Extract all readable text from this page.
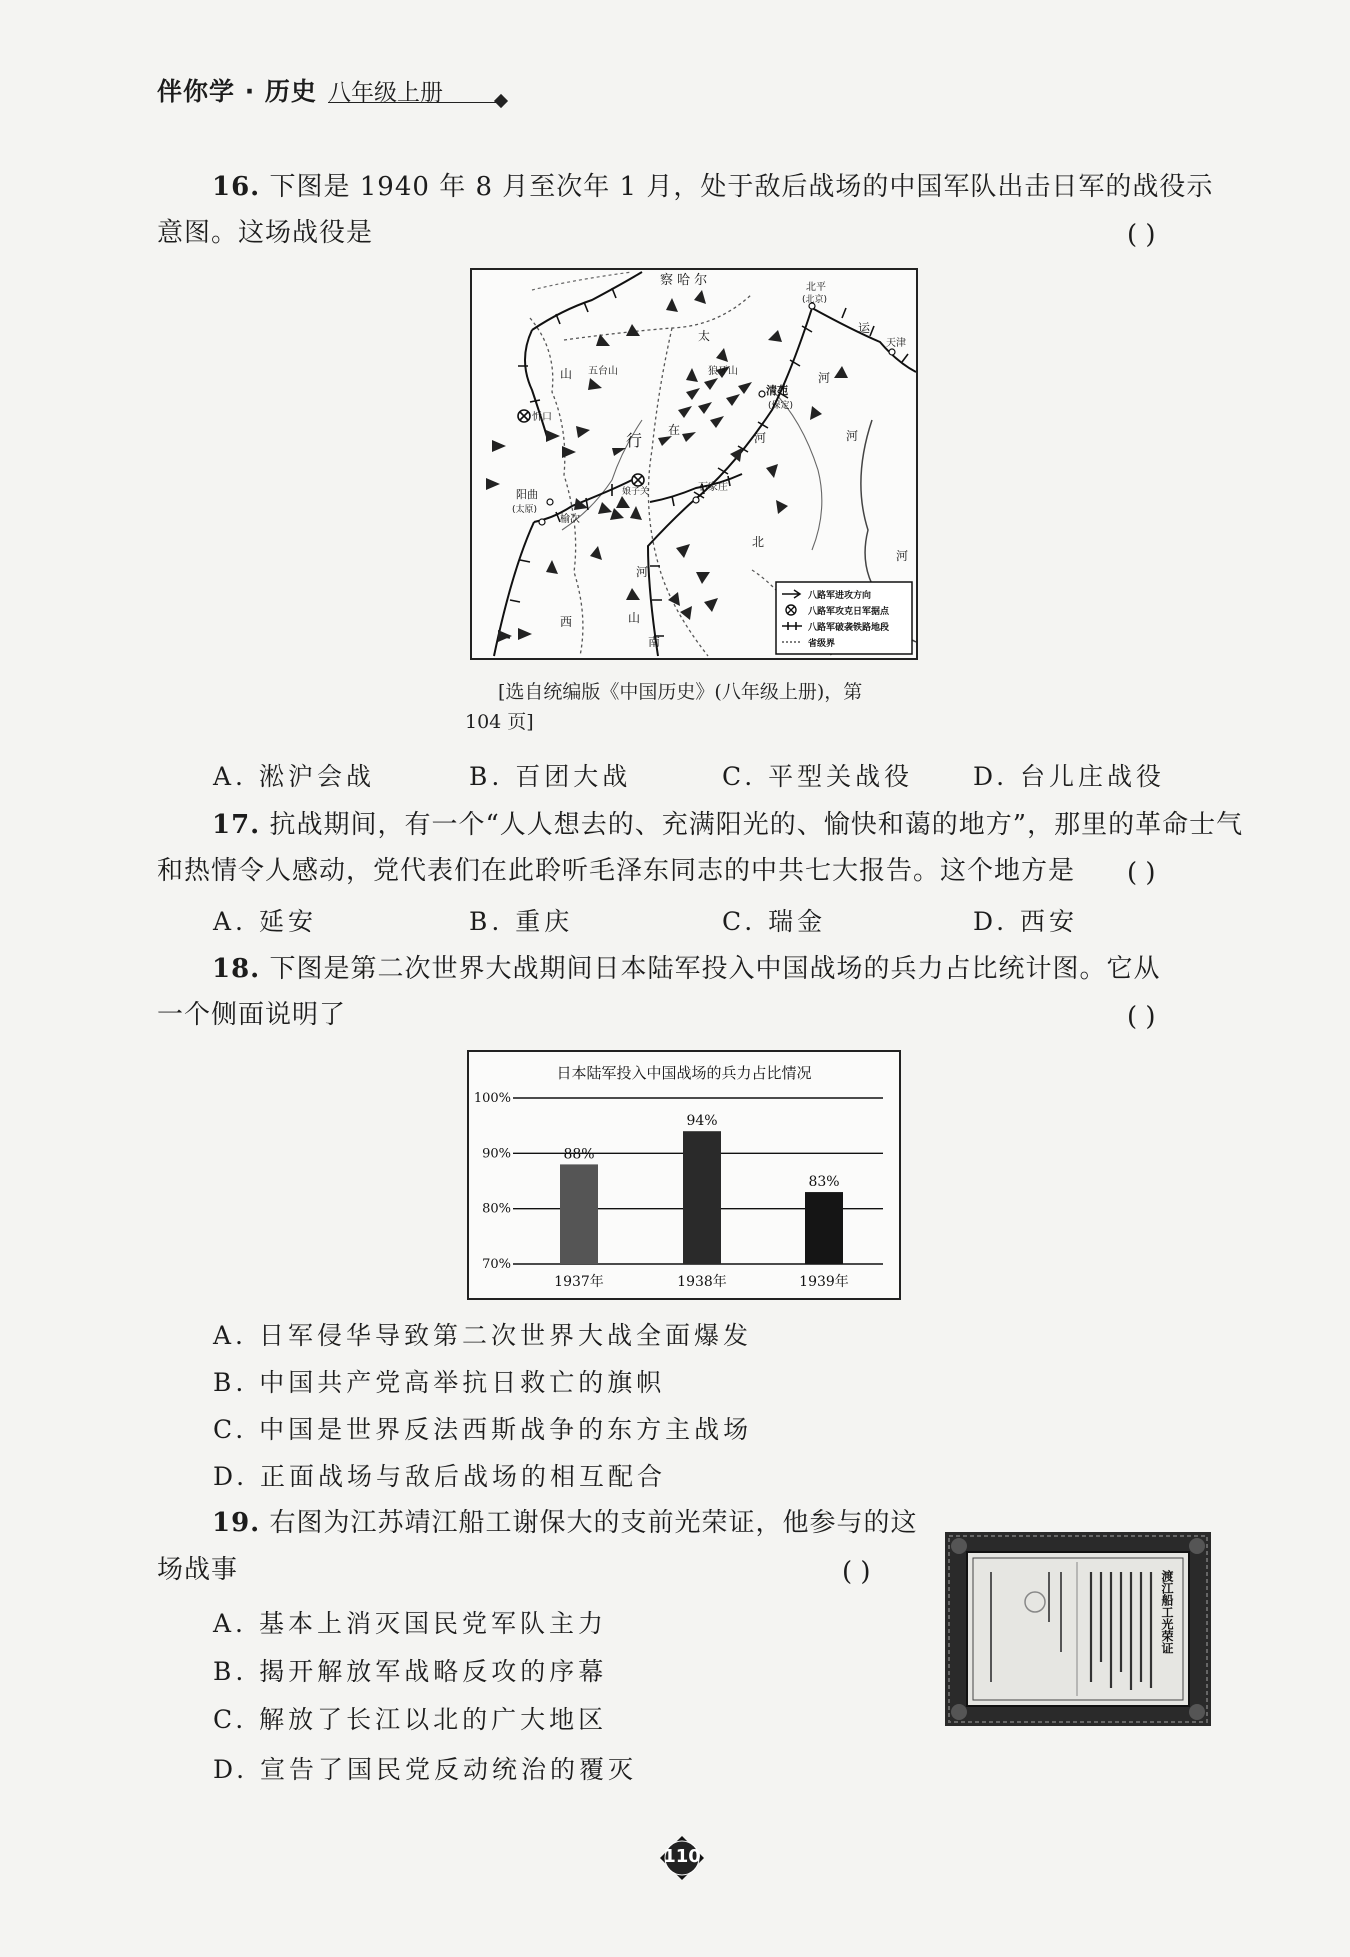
伴你学 · 历史 八年级上册
16. 下图是 1940 年 8 月至次年 1 月，处于敌后战场的中国军队出击日军的战役示
意图。这场战役是	( )
察 哈 尔	北平
(北京)
天津
运
河
五台山
山
忻口
狼牙山
清苑
(保定)
行
在
河	河
阳曲
(太原)
榆次
娘子关	石家庄
北
河
山
西
南
太
河
八路军进攻方向
八路军攻克日军据点
八路军破袭铁路地段
省级界
[选自统编版《中国历史》(八年级上册)，第
104 页]
A. 淞沪会战	B. 百团大战	C. 平型关战役 D. 台儿庄战役
17. 抗战期间，有一个“人人想去的、充满阳光的、愉快和蔼的地方”，那里的革命士气
和热情令人感动，党代表们在此聆听毛泽东同志的中共七大报告。这个地方是 ( )
A. 延安	B. 重庆	C. 瑞金	D. 西安
18. 下图是第二次世界大战期间日本陆军投入中国战场的兵力占比统计图。它从
一个侧面说明了	( )
日本陆军投入中国战场的兵力占比情况
100%
90%
80%
70%
88%
94%
83%
1937年	1938年	1939年
A. 日军侵华导致第二次世界大战全面爆发
B. 中国共产党高举抗日救亡的旗帜
C. 中国是世界反法西斯战争的东方主战场
D. 正面战场与敌后战场的相互配合
19. 右图为江苏靖江船工谢保大的支前光荣证，他参与的这
场战事	( )
A. 基本上消灭国民党军队主力
B. 揭开解放军战略反攻的序幕
C. 解放了长江以北的广大地区
D. 宣告了国民党反动统治的覆灭
渡江船工光荣证
110
